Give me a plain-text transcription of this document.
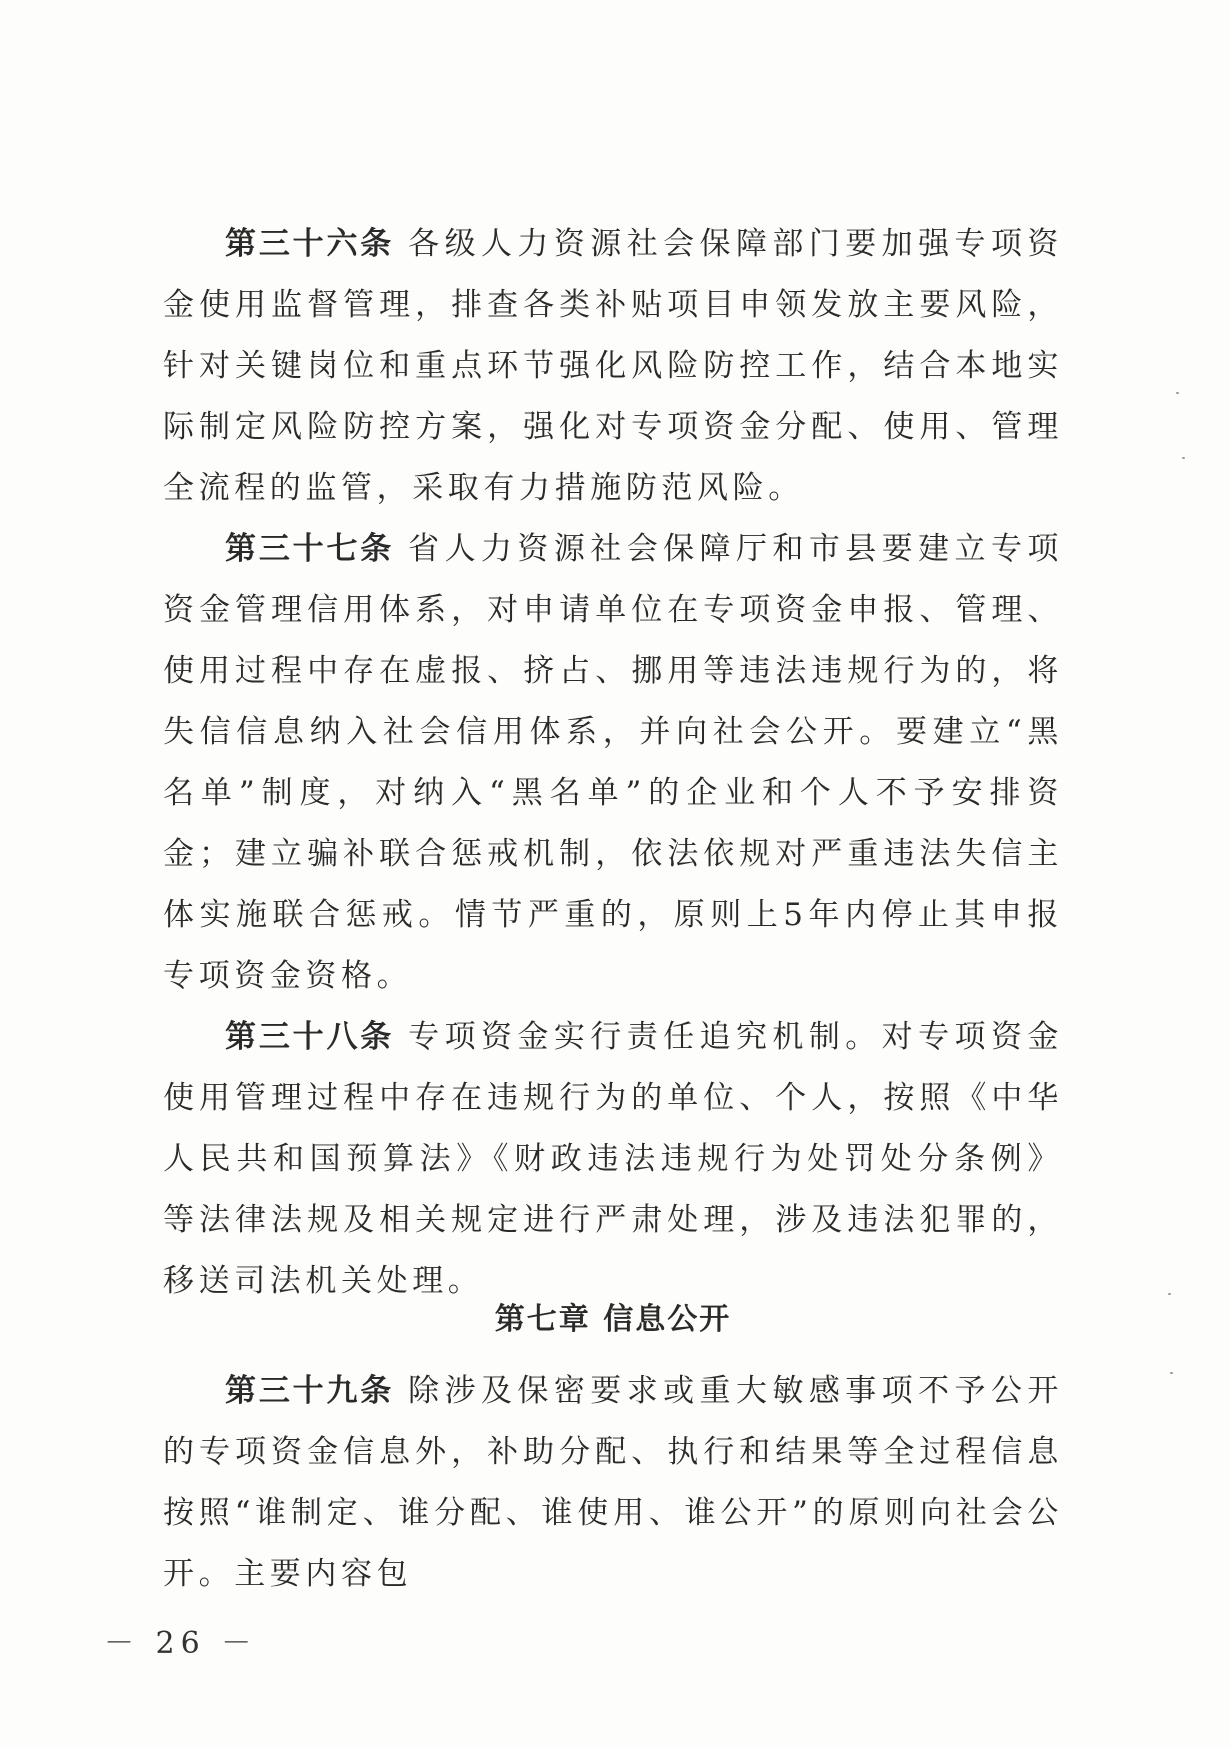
第三十六条 各级人力资源社会保障部门要加强专项资金使用监督管理，排查各类补贴项目申领发放主要风险，针对关键岗位和重点环节强化风险防控工作，结合本地实际制定风险防控方案，强化对专项资金分配、使用、管理全流程的监管，采取有力措施防范风险。

第三十七条 省人力资源社会保障厅和市县要建立专项资金管理信用体系，对申请单位在专项资金申报、管理、使用过程中存在虚报、挤占、挪用等违法违规行为的，将失信信息纳入社会信用体系，并向社会公开。要建立“黑名单”制度，对纳入“黑名单”的企业和个人不予安排资金；建立骗补联合惩戒机制，依法依规对严重违法失信主体实施联合惩戒。情节严重的，原则上5年内停止其申报专项资金资格。

第三十八条 专项资金实行责任追究机制。对专项资金使用管理过程中存在违规行为的单位、个人，按照《中华人民共和国预算法》《财政违法违规行为处罚处分条例》等法律法规及相关规定进行严肃处理，涉及违法犯罪的，移送司法机关处理。

第七章 信息公开

第三十九条 除涉及保密要求或重大敏感事项不予公开的专项资金信息外，补助分配、执行和结果等全过程信息按照“谁制定、谁分配、谁使用、谁公开”的原则向社会公开。主要内容包

－ 26 －
